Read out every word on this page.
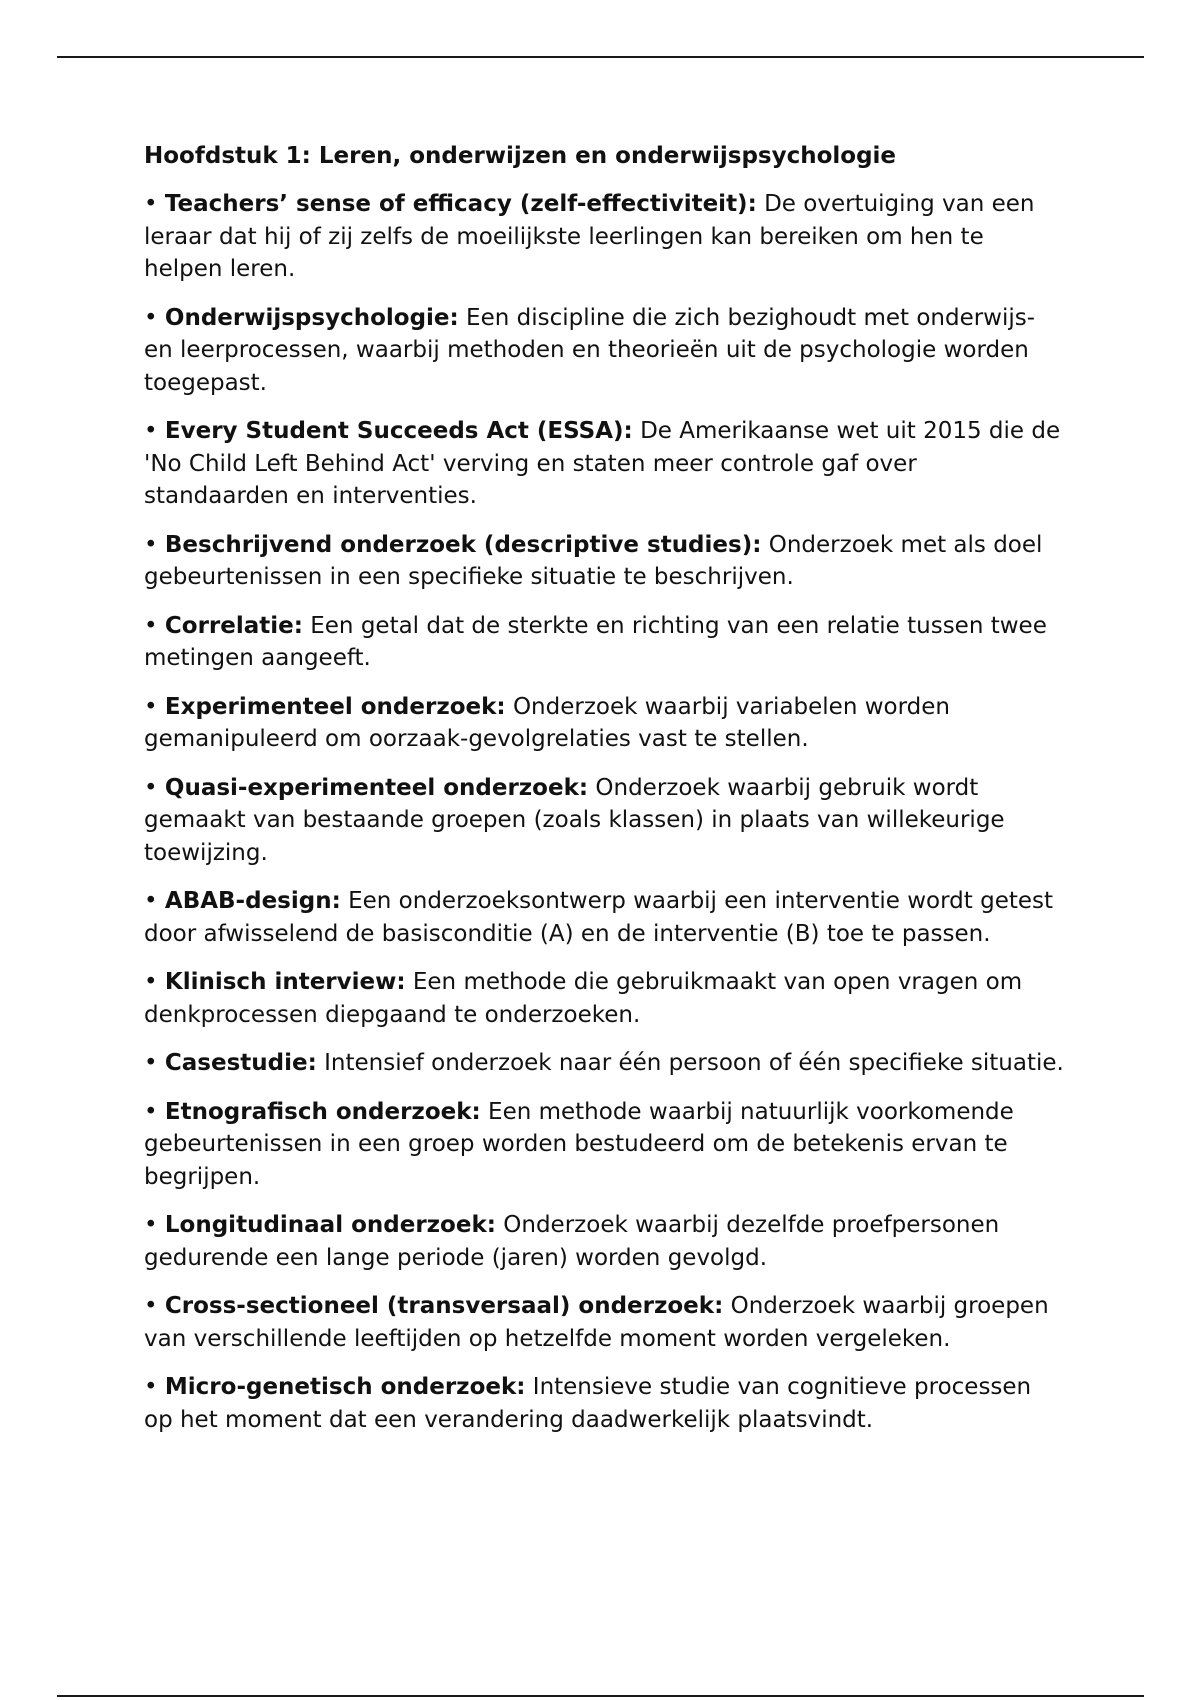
Hoofdstuk 1: Leren, onderwijzen en onderwijspsychologie
• Teachers’ sense of efficacy (zelf-effectiviteit): De overtuiging van een leraar dat hij of zij zelfs de moeilijkste leerlingen kan bereiken om hen te helpen leren.
• Onderwijspsychologie: Een discipline die zich bezighoudt met onderwijs- en leerprocessen, waarbij methoden en theorieën uit de psychologie worden toegepast.
• Every Student Succeeds Act (ESSA): De Amerikaanse wet uit 2015 die de 'No Child Left Behind Act' verving en staten meer controle gaf over standaarden en interventies.
• Beschrijvend onderzoek (descriptive studies): Onderzoek met als doel gebeurtenissen in een specifieke situatie te beschrijven.
• Correlatie: Een getal dat de sterkte en richting van een relatie tussen twee metingen aangeeft.
• Experimenteel onderzoek: Onderzoek waarbij variabelen worden gemanipuleerd om oorzaak-gevolgrelaties vast te stellen.
• Quasi-experimenteel onderzoek: Onderzoek waarbij gebruik wordt gemaakt van bestaande groepen (zoals klassen) in plaats van willekeurige toewijzing.
• ABAB-design: Een onderzoeksontwerp waarbij een interventie wordt getest door afwisselend de basisconditie (A) en de interventie (B) toe te passen.
• Klinisch interview: Een methode die gebruikmaakt van open vragen om denkprocessen diepgaand te onderzoeken.
• Casestudie: Intensief onderzoek naar één persoon of één specifieke situatie.
• Etnografisch onderzoek: Een methode waarbij natuurlijk voorkomende gebeurtenissen in een groep worden bestudeerd om de betekenis ervan te begrijpen.
• Longitudinaal onderzoek: Onderzoek waarbij dezelfde proefpersonen gedurende een lange periode (jaren) worden gevolgd.
• Cross-sectioneel (transversaal) onderzoek: Onderzoek waarbij groepen van verschillende leeftijden op hetzelfde moment worden vergeleken.
• Micro-genetisch onderzoek: Intensieve studie van cognitieve processen op het moment dat een verandering daadwerkelijk plaatsvindt.
